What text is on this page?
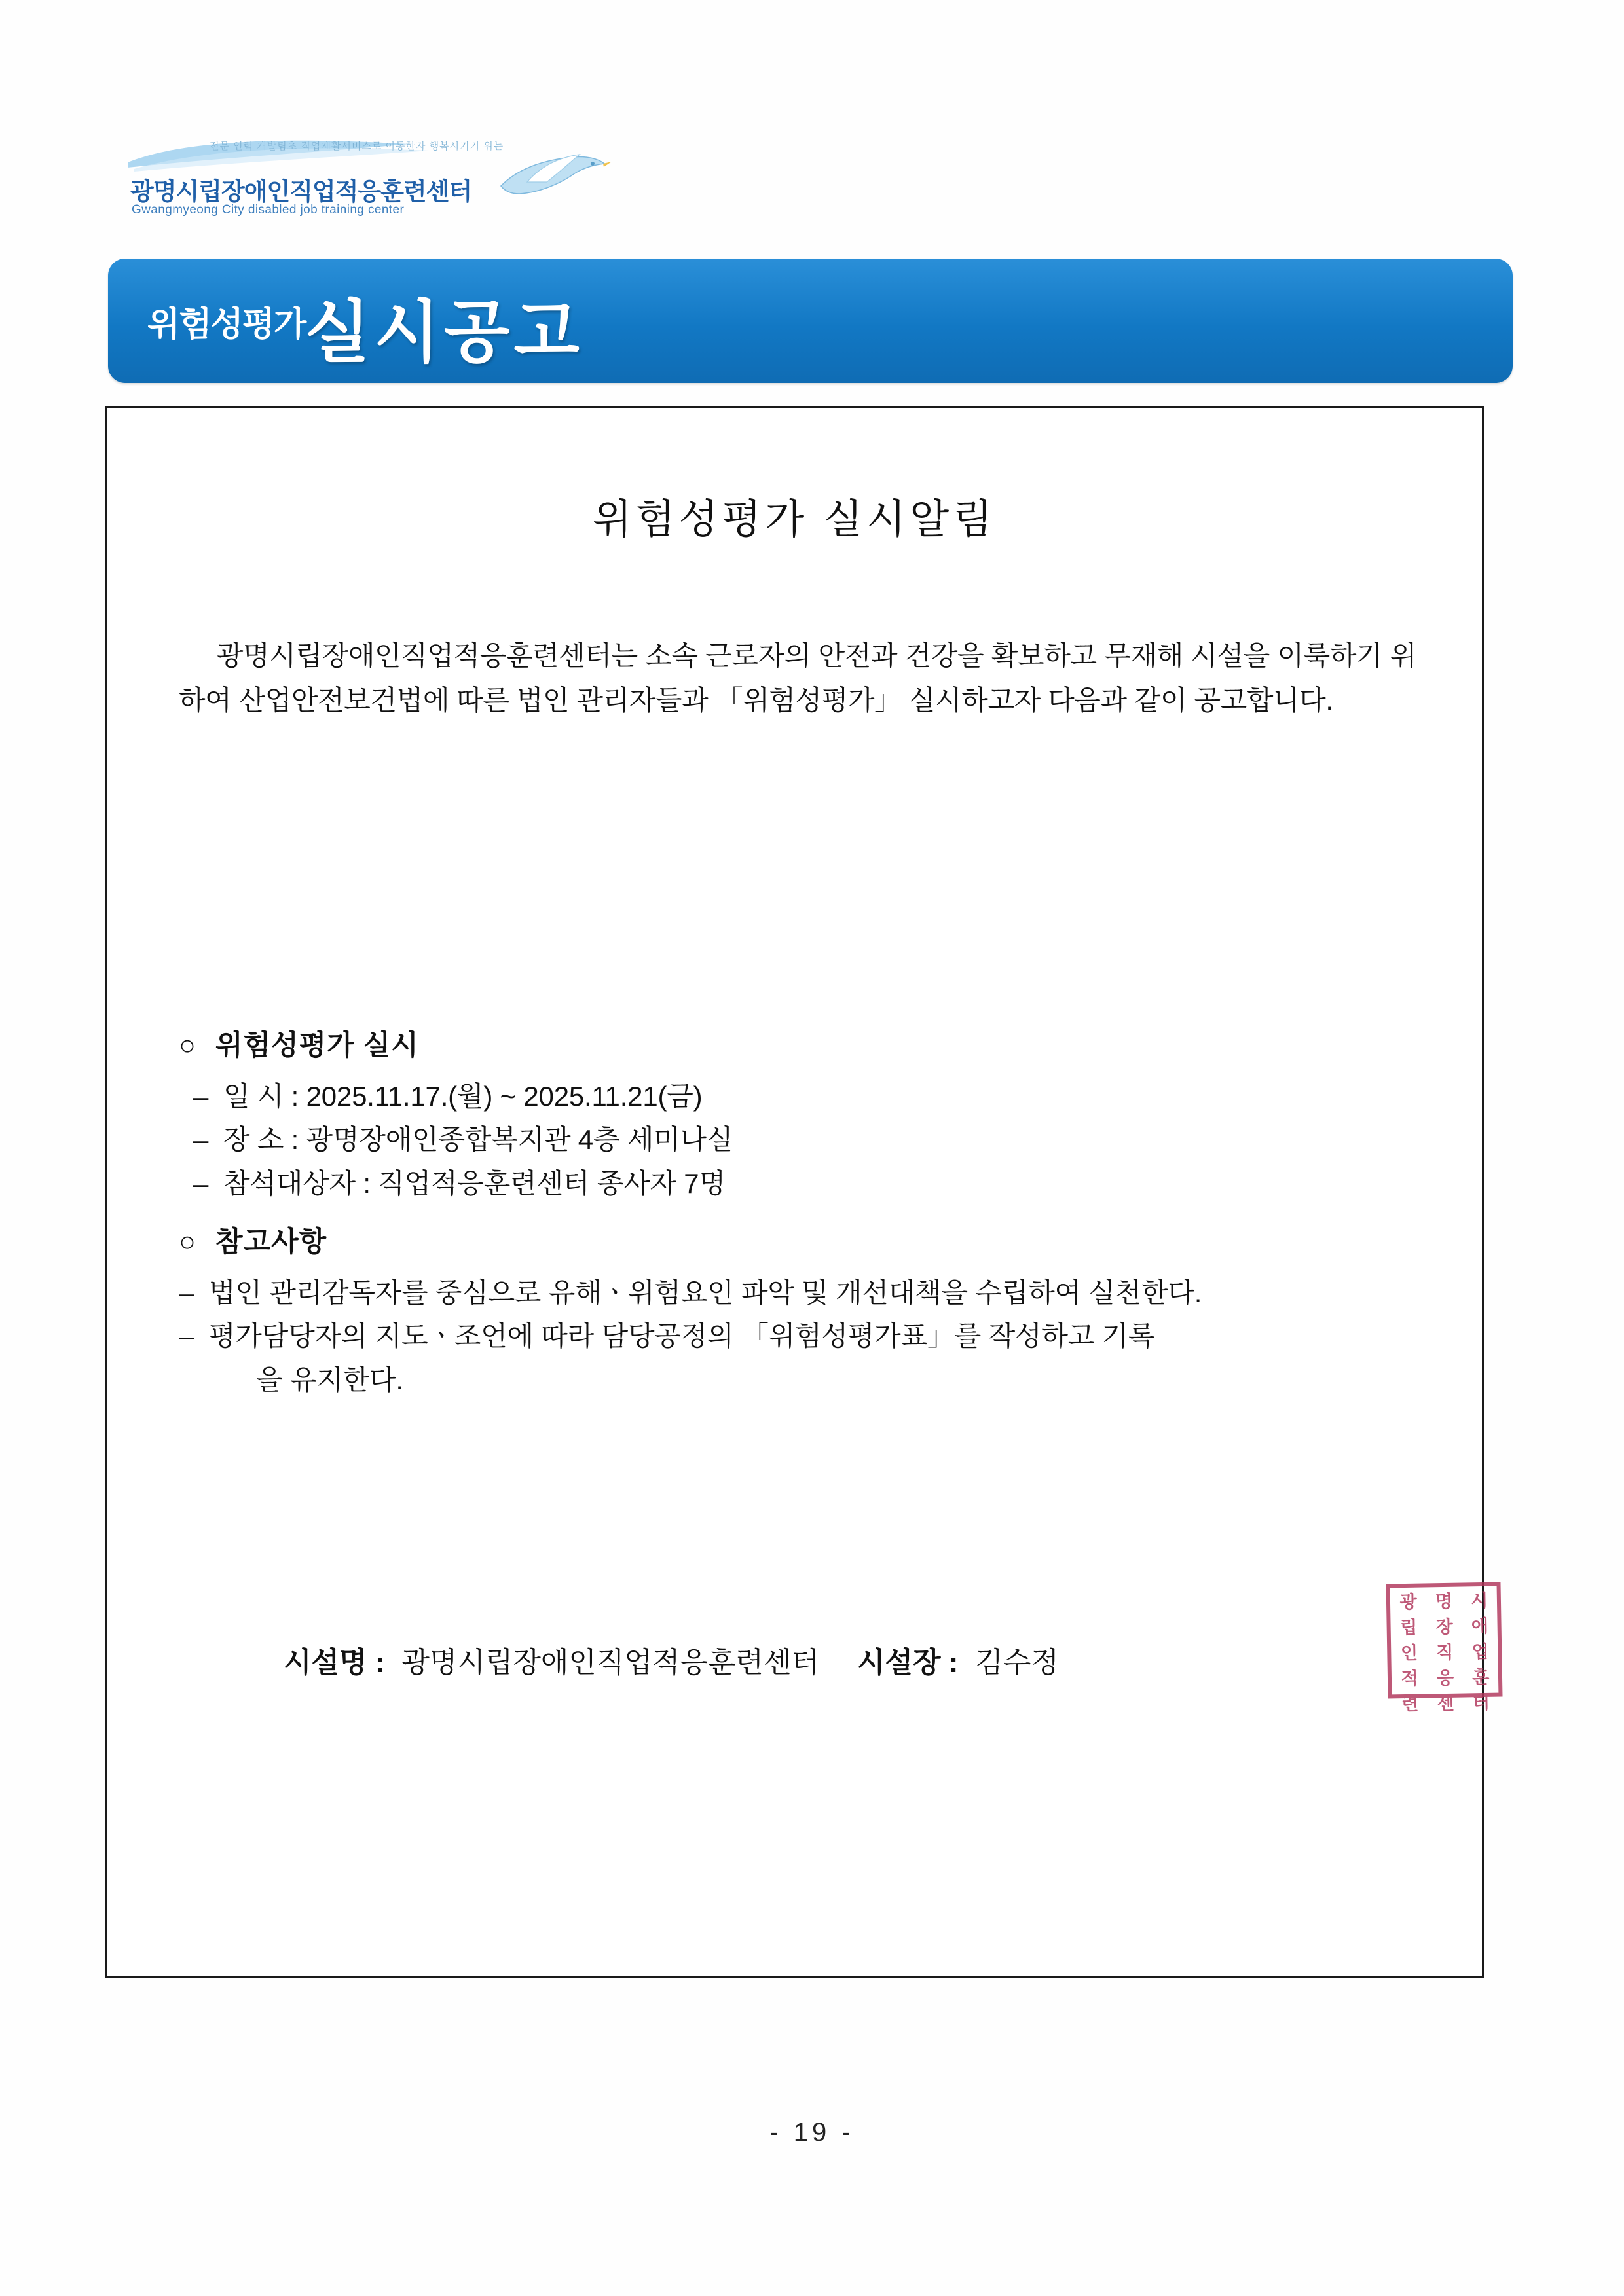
전문 인력 개발팀초 직업재활서비스로 이동한자 행복시키기 위는
광명시립장애인직업적응훈련센터
Gwangmyeong City disabled job training center
위험성평가
실시공고
위험성평가 실시알림
광명시립장애인직업적응훈련센터는 소속 근로자의 안전과 건강을 확보하고 무재해 시설을 이룩하기 위하여 산업안전보건법에 따른 법인 관리자들과 「위험성평가」 실시하고자 다음과 같이 공고합니다.
○ 위험성평가 실시
– 일 시 : 2025.11.17.(월) ~ 2025.11.21(금)
– 장 소 : 광명장애인종합복지관 4층 세미나실
– 참석대상자 : 직업적응훈련센터 종사자 7명
○ 참고사항
– 법인 관리감독자를 중심으로 유해ㆍ위험요인 파악 및 개선대책을 수립하여 실천한다.
– 평가담당자의 지도ㆍ조언에 따라 담당공정의 「위험성평가표」를 작성하고 기록
을 유지한다.
시설명 : 광명시립장애인직업적응훈련센터 시설장 : 김수정
광	명	시
립	장	애
인	직	업
적	응	훈
련	센	터
- 19 -
